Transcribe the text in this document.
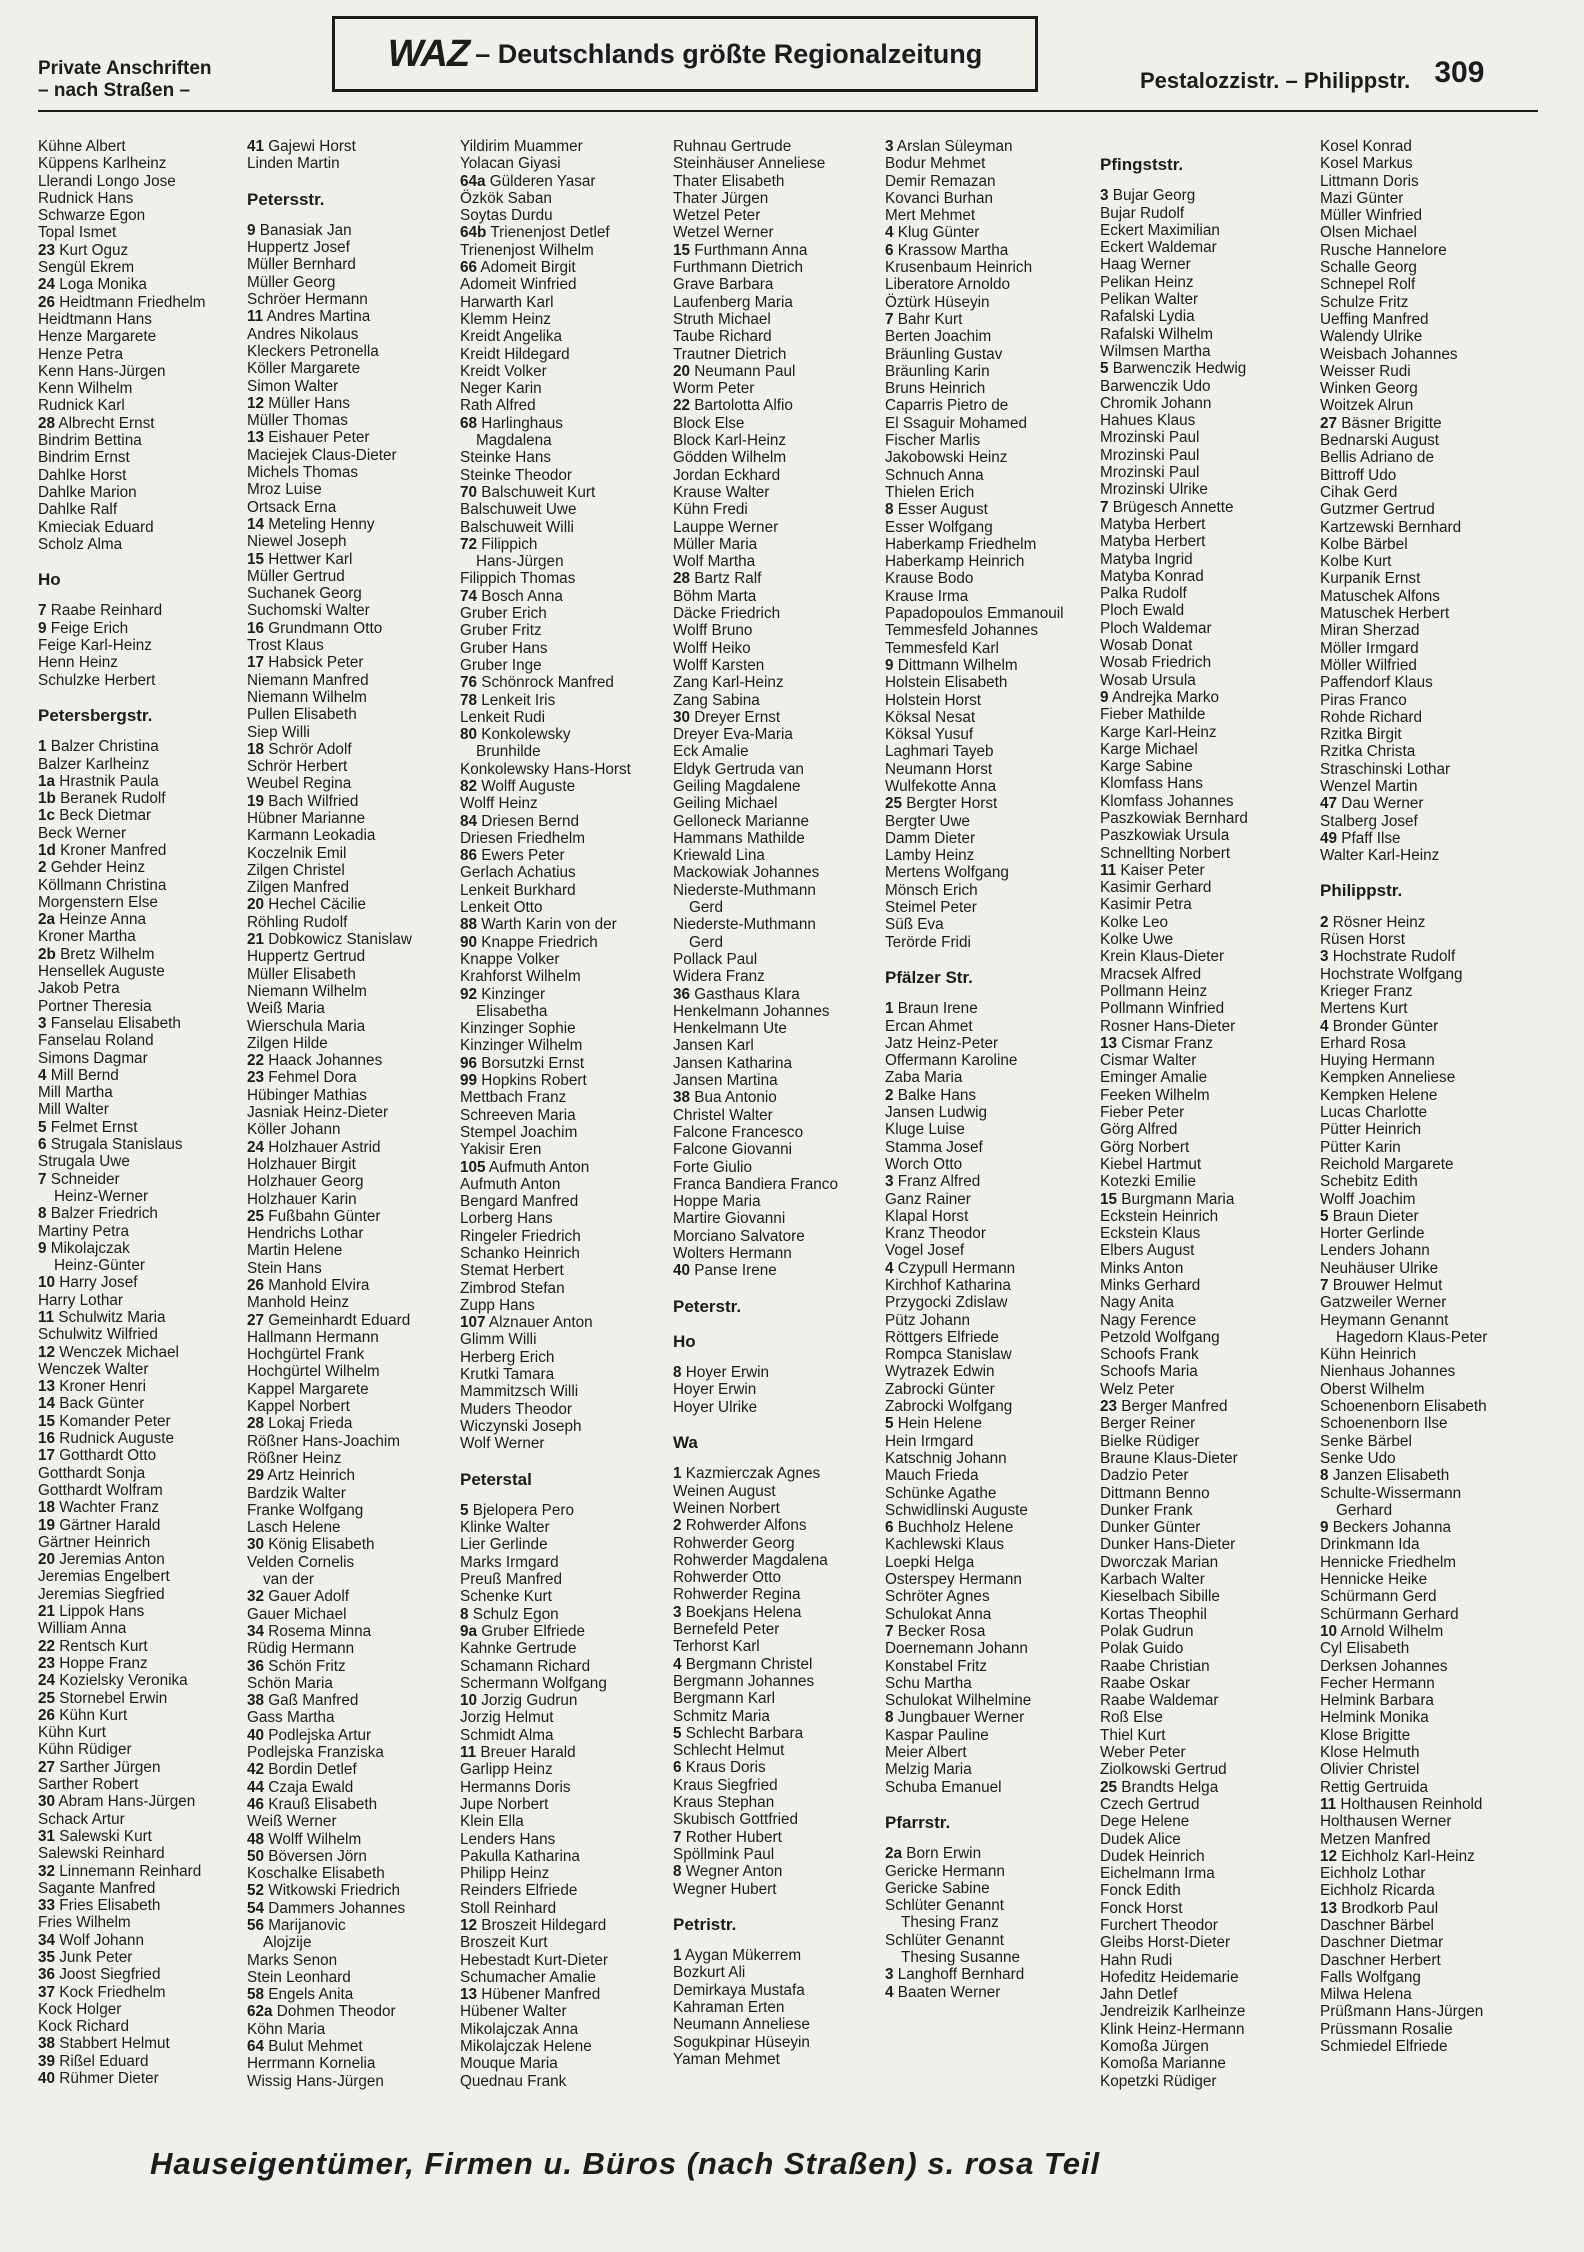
Private Anschriften
– nach Straßen –
WAZ – Deutschlands größte Regionalzeitung
Pestalozzistr. – Philippstr. 309
Kühne Albert
Küppens Karlheinz
Llerandi Longo Jose
Rudnick Hans
Schwarze Egon
Topal Ismet
23 Kurt Oguz
Sengül Ekrem
24 Loga Monika
26 Heidtmann Friedhelm
Heidtmann Hans
Henze Margarete
Henze Petra
Kenn Hans-Jürgen
Kenn Wilhelm
Rudnick Karl
28 Albrecht Ernst
Bindrim Bettina
Bindrim Ernst
Dahlke Horst
Dahlke Marion
Dahlke Ralf
Kmieciak Eduard
Scholz Alma
Ho
7 Raabe Reinhard
9 Feige Erich
Feige Karl-Heinz
Henn Heinz
Schulzke Herbert
Petersbergstr.
1 Balzer Christina
Balzer Karlheinz
1a Hrastnik Paula
1b Beranek Rudolf
1c Beck Dietmar
Beck Werner
1d Kroner Manfred
2 Gehder Heinz
Köllmann Christina
Morgenstern Else
2a Heinze Anna
Kroner Martha
2b Bretz Wilhelm
Hensellek Auguste
Jakob Petra
Portner Theresia
3 Fanselau Elisabeth
Fanselau Roland
Simons Dagmar
4 Mill Bernd
Mill Martha
Mill Walter
5 Felmet Ernst
6 Strugala Stanislaus
Strugala Uwe
7 Schneider
Heinz-Werner
8 Balzer Friedrich
Martiny Petra
9 Mikolajczak
Heinz-Günter
10 Harry Josef
Harry Lothar
11 Schulwitz Maria
Schulwitz Wilfried
12 Wenczek Michael
Wenczek Walter
13 Kroner Henri
14 Back Günter
15 Komander Peter
16 Rudnick Auguste
17 Gotthardt Otto
Gotthardt Sonja
Gotthardt Wolfram
18 Wachter Franz
19 Gärtner Harald
Gärtner Heinrich
20 Jeremias Anton
Jeremias Engelbert
Jeremias Siegfried
21 Lippok Hans
William Anna
22 Rentsch Kurt
23 Hoppe Franz
24 Kozielsky Veronika
25 Stornebel Erwin
26 Kühn Kurt
Kühn Kurt
Kühn Rüdiger
27 Sarther Jürgen
Sarther Robert
30 Abram Hans-Jürgen
Schack Artur
31 Salewski Kurt
Salewski Reinhard
32 Linnemann Reinhard
Sagante Manfred
33 Fries Elisabeth
Fries Wilhelm
34 Wolf Johann
35 Junk Peter
36 Joost Siegfried
37 Kock Friedhelm
Kock Holger
Kock Richard
38 Stabbert Helmut
39 Rißel Eduard
40 Rühmer Dieter
41 Gajewi Horst
Linden Martin
Petersstr.
9 Banasiak Jan
Huppertz Josef
Müller Bernhard
Müller Georg
Schröer Hermann
11 Andres Martina
Andres Nikolaus
Kleckers Petronella
Köller Margarete
Simon Walter
12 Müller Hans
Müller Thomas
13 Eishauer Peter
Maciejek Claus-Dieter
Michels Thomas
Mroz Luise
Ortsack Erna
14 Meteling Henny
Niewel Joseph
15 Hettwer Karl
Müller Gertrud
Suchanek Georg
Suchomski Walter
16 Grundmann Otto
Trost Klaus
17 Habsick Peter
Niemann Manfred
Niemann Wilhelm
Pullen Elisabeth
Siep Willi
18 Schrör Adolf
Schrör Herbert
Weubel Regina
19 Bach Wilfried
Hübner Marianne
Karmann Leokadia
Koczelnik Emil
Zilgen Christel
Zilgen Manfred
20 Hechel Cäcilie
Röhling Rudolf
21 Dobkowicz Stanislaw
Huppertz Gertrud
Müller Elisabeth
Niemann Wilhelm
Weiß Maria
Wierschula Maria
Zilgen Hilde
22 Haack Johannes
23 Fehmel Dora
Hübinger Mathias
Jasniak Heinz-Dieter
Köller Johann
24 Holzhauer Astrid
Holzhauer Birgit
Holzhauer Georg
Holzhauer Karin
25 Fußbahn Günter
Hendrichs Lothar
Martin Helene
Stein Hans
26 Manhold Elvira
Manhold Heinz
27 Gemeinhardt Eduard
Hallmann Hermann
Hochgürtel Frank
Hochgürtel Wilhelm
Kappel Margarete
Kappel Norbert
28 Lokaj Frieda
Rößner Hans-Joachim
Rößner Heinz
29 Artz Heinrich
Bardzik Walter
Franke Wolfgang
Lasch Helene
30 König Elisabeth
Velden Cornelis
van der
32 Gauer Adolf
Gauer Michael
34 Rosema Minna
Rüdig Hermann
36 Schön Fritz
Schön Maria
38 Gaß Manfred
Gass Martha
40 Podlejska Artur
Podlejska Franziska
42 Bordin Detlef
44 Czaja Ewald
46 Krauß Elisabeth
Weiß Werner
48 Wolff Wilhelm
50 Böversen Jörn
Koschalke Elisabeth
52 Witkowski Friedrich
54 Dammers Johannes
56 Marijanovic
Alojzije
Marks Senon
Stein Leonhard
58 Engels Anita
62a Dohmen Theodor
Köhn Maria
64 Bulut Mehmet
Herrmann Kornelia
Wissig Hans-Jürgen
Yildirim Muammer
Yolacan Giyasi
64a Gülderen Yasar
Özkök Saban
Soytas Durdu
64b Trienenjost Detlef
Trienenjost Wilhelm
66 Adomeit Birgit
Adomeit Winfried
Harwarth Karl
Klemm Heinz
Kreidt Angelika
Kreidt Hildegard
Kreidt Volker
Neger Karin
Rath Alfred
68 Harlinghaus
Magdalena
Steinke Hans
Steinke Theodor
70 Balschuweit Kurt
Balschuweit Uwe
Balschuweit Willi
72 Filippich
Hans-Jürgen
Filippich Thomas
74 Bosch Anna
Gruber Erich
Gruber Fritz
Gruber Hans
Gruber Inge
76 Schönrock Manfred
78 Lenkeit Iris
Lenkeit Rudi
80 Konkolewsky
Brunhilde
Konkolewsky Hans-Horst
82 Wolff Auguste
Wolff Heinz
84 Driesen Bernd
Driesen Friedhelm
86 Ewers Peter
Gerlach Achatius
Lenkeit Burkhard
Lenkeit Otto
88 Warth Karin von der
90 Knappe Friedrich
Knappe Volker
Krahforst Wilhelm
92 Kinzinger
Elisabetha
Kinzinger Sophie
Kinzinger Wilhelm
96 Borsutzki Ernst
99 Hopkins Robert
Mettbach Franz
Schreeven Maria
Stempel Joachim
Yakisir Eren
105 Aufmuth Anton
Aufmuth Anton
Bengard Manfred
Lorberg Hans
Ringeler Friedrich
Schanko Heinrich
Stemat Herbert
Zimbrod Stefan
Zupp Hans
107 Alznauer Anton
Glimm Willi
Herberg Erich
Krutki Tamara
Mammitzsch Willi
Muders Theodor
Wiczynski Joseph
Wolf Werner
Peterstal
5 Bjelopera Pero
Klinke Walter
Lier Gerlinde
Marks Irmgard
Preuß Manfred
Schenke Kurt
8 Schulz Egon
9a Gruber Elfriede
Kahnke Gertrude
Schamann Richard
Schermann Wolfgang
10 Jorzig Gudrun
Jorzig Helmut
Schmidt Alma
11 Breuer Harald
Garlipp Heinz
Hermanns Doris
Jupe Norbert
Klein Ella
Lenders Hans
Pakulla Katharina
Philipp Heinz
Reinders Elfriede
Stoll Reinhard
12 Broszeit Hildegard
Broszeit Kurt
Hebestadt Kurt-Dieter
Schumacher Amalie
13 Hübener Manfred
Hübener Walter
Mikolajczak Anna
Mikolajczak Helene
Mouque Maria
Quednau Frank
Ruhnau Gertrude
Steinhäuser Anneliese
Thater Elisabeth
Thater Jürgen
Wetzel Peter
Wetzel Werner
15 Furthmann Anna
Furthmann Dietrich
Grave Barbara
Laufenberg Maria
Struth Michael
Taube Richard
Trautner Dietrich
20 Neumann Paul
Worm Peter
22 Bartolotta Alfio
Block Else
Block Karl-Heinz
Gödden Wilhelm
Jordan Eckhard
Krause Walter
Kühn Fredi
Lauppe Werner
Müller Maria
Wolf Martha
28 Bartz Ralf
Böhm Marta
Däcke Friedrich
Wolff Bruno
Wolff Heiko
Wolff Karsten
Zang Karl-Heinz
Zang Sabina
30 Dreyer Ernst
Dreyer Eva-Maria
Eck Amalie
Eldyk Gertruda van
Geiling Magdalene
Geiling Michael
Gelloneck Marianne
Hammans Mathilde
Kriewald Lina
Mackowiak Johannes
Niederste-Muthmann
Gerd
Niederste-Muthmann
Gerd
Pollack Paul
Widera Franz
36 Gasthaus Klara
Henkelmann Johannes
Henkelmann Ute
Jansen Karl
Jansen Katharina
Jansen Martina
38 Bua Antonio
Christel Walter
Falcone Francesco
Falcone Giovanni
Forte Giulio
Franca Bandiera Franco
Hoppe Maria
Martire Giovanni
Morciano Salvatore
Wolters Hermann
40 Panse Irene
Peterstr.
Ho
8 Hoyer Erwin
Hoyer Erwin
Hoyer Ulrike
Wa
1 Kazmierczak Agnes
Weinen August
Weinen Norbert
2 Rohwerder Alfons
Rohwerder Georg
Rohwerder Magdalena
Rohwerder Otto
Rohwerder Regina
3 Boekjans Helena
Bernefeld Peter
Terhorst Karl
4 Bergmann Christel
Bergmann Johannes
Bergmann Karl
Schmitz Maria
5 Schlecht Barbara
Schlecht Helmut
6 Kraus Doris
Kraus Siegfried
Kraus Stephan
Skubisch Gottfried
7 Rother Hubert
Spöllmink Paul
8 Wegner Anton
Wegner Hubert
Petristr.
1 Aygan Mükerrem
Bozkurt Ali
Demirkaya Mustafa
Kahraman Erten
Neumann Anneliese
Sogukpinar Hüseyin
Yaman Mehmet
3 Arslan Süleyman
Bodur Mehmet
Demir Remazan
Kovanci Burhan
Mert Mehmet
4 Klug Günter
6 Krassow Martha
Krusenbaum Heinrich
Liberatore Arnoldo
Öztürk Hüseyin
7 Bahr Kurt
Berten Joachim
Bräunling Gustav
Bräunling Karin
Bruns Heinrich
Caparris Pietro de
El Ssaguir Mohamed
Fischer Marlis
Jakobowski Heinz
Schnuch Anna
Thielen Erich
8 Esser August
Esser Wolfgang
Haberkamp Friedhelm
Haberkamp Heinrich
Krause Bodo
Krause Irma
Papadopoulos Emmanouil
Temmesfeld Johannes
Temmesfeld Karl
9 Dittmann Wilhelm
Holstein Elisabeth
Holstein Horst
Köksal Nesat
Köksal Yusuf
Laghmari Tayeb
Neumann Horst
Wulfekotte Anna
25 Bergter Horst
Bergter Uwe
Damm Dieter
Lamby Heinz
Mertens Wolfgang
Mönsch Erich
Steimel Peter
Süß Eva
Terörde Fridi
Pfälzer Str.
1 Braun Irene
Ercan Ahmet
Jatz Heinz-Peter
Offermann Karoline
Zaba Maria
2 Balke Hans
Jansen Ludwig
Kluge Luise
Stamma Josef
Worch Otto
3 Franz Alfred
Ganz Rainer
Klapal Horst
Kranz Theodor
Vogel Josef
4 Czypull Hermann
Kirchhof Katharina
Przygocki Zdislaw
Pütz Johann
Röttgers Elfriede
Rompca Stanislaw
Wytrazek Edwin
Zabrocki Günter
Zabrocki Wolfgang
5 Hein Helene
Hein Irmgard
Katschnig Johann
Mauch Frieda
Schünke Agathe
Schwidlinski Auguste
6 Buchholz Helene
Kachlewski Klaus
Loepki Helga
Osterspey Hermann
Schröter Agnes
Schulokat Anna
7 Becker Rosa
Doernemann Johann
Konstabel Fritz
Schu Martha
Schulokat Wilhelmine
8 Jungbauer Werner
Kaspar Pauline
Meier Albert
Melzig Maria
Schuba Emanuel
Pfarrstr.
2a Born Erwin
Gericke Hermann
Gericke Sabine
Schlüter Genannt
Thesing Franz
Schlüter Genannt
Thesing Susanne
3 Langhoff Bernhard
4 Baaten Werner
Pfingststr.
3 Bujar Georg
Bujar Rudolf
Eckert Maximilian
Eckert Waldemar
Haag Werner
Pelikan Heinz
Pelikan Walter
Rafalski Lydia
Rafalski Wilhelm
Wilmsen Martha
5 Barwenczik Hedwig
Barwenczik Udo
Chromik Johann
Hahues Klaus
Mrozinski Paul
Mrozinski Paul
Mrozinski Paul
Mrozinski Ulrike
7 Brügesch Annette
Matyba Herbert
Matyba Herbert
Matyba Ingrid
Matyba Konrad
Palka Rudolf
Ploch Ewald
Ploch Waldemar
Wosab Donat
Wosab Friedrich
Wosab Ursula
9 Andrejka Marko
Fieber Mathilde
Karge Karl-Heinz
Karge Michael
Karge Sabine
Klomfass Hans
Klomfass Johannes
Paszkowiak Bernhard
Paszkowiak Ursula
Schnellting Norbert
11 Kaiser Peter
Kasimir Gerhard
Kasimir Petra
Kolke Leo
Kolke Uwe
Krein Klaus-Dieter
Mracsek Alfred
Pollmann Heinz
Pollmann Winfried
Rosner Hans-Dieter
13 Cismar Franz
Cismar Walter
Eminger Amalie
Feeken Wilhelm
Fieber Peter
Görg Alfred
Görg Norbert
Kiebel Hartmut
Kotezki Emilie
15 Burgmann Maria
Eckstein Heinrich
Eckstein Klaus
Elbers August
Minks Anton
Minks Gerhard
Nagy Anita
Nagy Ference
Petzold Wolfgang
Schoofs Frank
Schoofs Maria
Welz Peter
23 Berger Manfred
Berger Reiner
Bielke Rüdiger
Braune Klaus-Dieter
Dadzio Peter
Dittmann Benno
Dunker Frank
Dunker Günter
Dunker Hans-Dieter
Dworczak Marian
Karbach Walter
Kieselbach Sibille
Kortas Theophil
Polak Gudrun
Polak Guido
Raabe Christian
Raabe Oskar
Raabe Waldemar
Roß Else
Thiel Kurt
Weber Peter
Ziolkowski Gertrud
25 Brandts Helga
Czech Gertrud
Dege Helene
Dudek Alice
Dudek Heinrich
Eichelmann Irma
Fonck Edith
Fonck Horst
Furchert Theodor
Gleibs Horst-Dieter
Hahn Rudi
Hofeditz Heidemarie
Jahn Detlef
Jendreizik Karlheinze
Klink Heinz-Hermann
Komoßa Jürgen
Komoßa Marianne
Kopetzki Rüdiger
Kosel Konrad
Kosel Markus
Littmann Doris
Mazi Günter
Müller Winfried
Olsen Michael
Rusche Hannelore
Schalle Georg
Schnepel Rolf
Schulze Fritz
Ueffing Manfred
Walendy Ulrike
Weisbach Johannes
Weisser Rudi
Winken Georg
Woitzek Alrun
27 Bäsner Brigitte
Bednarski August
Bellis Adriano de
Bittroff Udo
Cihak Gerd
Gutzmer Gertrud
Kartzewski Bernhard
Kolbe Bärbel
Kolbe Kurt
Kurpanik Ernst
Matuschek Alfons
Matuschek Herbert
Miran Sherzad
Möller Irmgard
Möller Wilfried
Paffendorf Klaus
Piras Franco
Rohde Richard
Rzitka Birgit
Rzitka Christa
Straschinski Lothar
Wenzel Martin
47 Dau Werner
Stalberg Josef
49 Pfaff Ilse
Walter Karl-Heinz
Philippstr.
2 Rösner Heinz
Rüsen Horst
3 Hochstrate Rudolf
Hochstrate Wolfgang
Krieger Franz
Mertens Kurt
4 Bronder Günter
Erhard Rosa
Huying Hermann
Kempken Anneliese
Kempken Helene
Lucas Charlotte
Pütter Heinrich
Pütter Karin
Reichold Margarete
Schebitz Edith
Wolff Joachim
5 Braun Dieter
Horter Gerlinde
Lenders Johann
Neuhäuser Ulrike
7 Brouwer Helmut
Gatzweiler Werner
Heymann Genannt
Hagedorn Klaus-Peter
Kühn Heinrich
Nienhaus Johannes
Oberst Wilhelm
Schoenenborn Elisabeth
Schoenenborn Ilse
Senke Bärbel
Senke Udo
8 Janzen Elisabeth
Schulte-Wissermann
Gerhard
9 Beckers Johanna
Drinkmann Ida
Hennicke Friedhelm
Hennicke Heike
Schürmann Gerd
Schürmann Gerhard
10 Arnold Wilhelm
Cyl Elisabeth
Derksen Johannes
Fecher Hermann
Helmink Barbara
Helmink Monika
Klose Brigitte
Klose Helmuth
Olivier Christel
Rettig Gertruida
11 Holthausen Reinhold
Holthausen Werner
Metzen Manfred
12 Eichholz Karl-Heinz
Eichholz Lothar
Eichholz Ricarda
13 Brodkorb Paul
Daschner Bärbel
Daschner Dietmar
Daschner Herbert
Falls Wolfgang
Milwa Helena
Prüßmann Hans-Jürgen
Prüssmann Rosalie
Schmiedel Elfriede
Hauseigentümer, Firmen u. Büros (nach Straßen) s. rosa Teil
